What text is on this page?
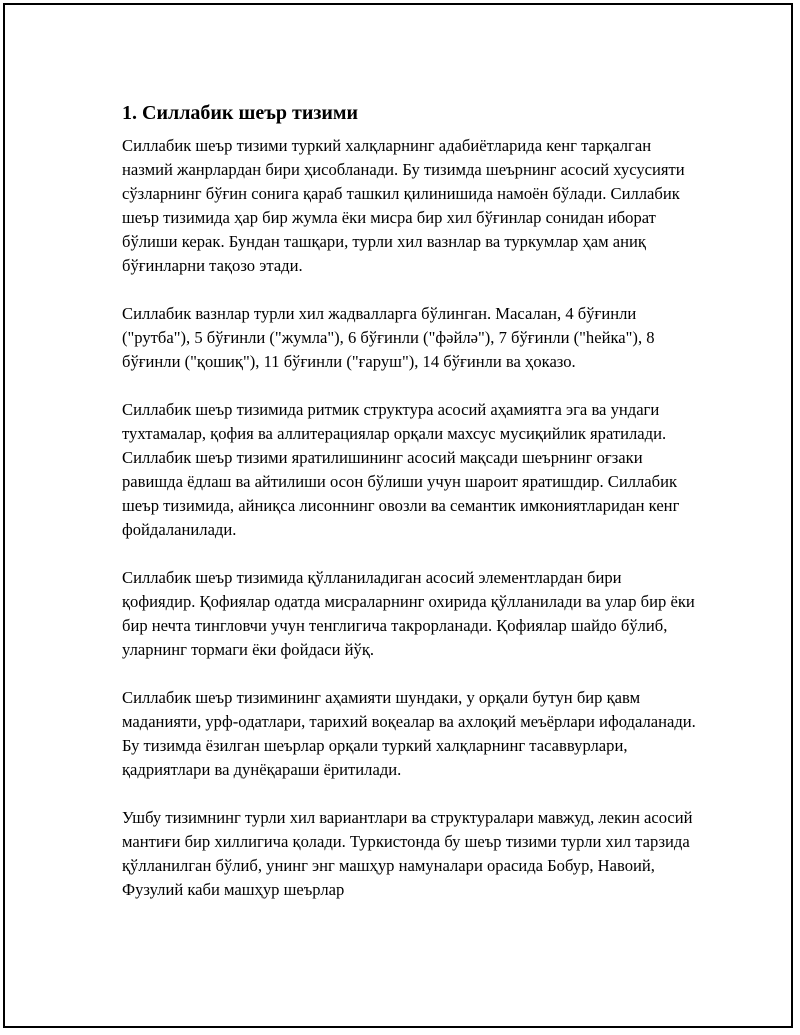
1. Силлабик шеър тизими

Силлабик шеър тизими туркий халқларнинг адабиётларида кенг тарқалган назмий жанрлардан бири ҳисобланади. Бу тизимда шеърнинг асосий хусусияти сўзларнинг бўғин сонига қараб ташкил қилинишида намоён бўлади. Силлабик шеър тизимида ҳар бир жумла ёки мисра бир хил бўғинлар сонидан иборат бўлиши керак. Бундан ташқари, турли хил вазнлар ва туркумлар ҳам аниқ бўғинларни тақозо этади.

Силлабик вазнлар турли хил жадвалларга бўлинган. Масалан, 4 бўғинли ("рутба"), 5 бўғинли ("жумла"), 6 бўғинли ("фәйлә"), 7 бўғинли ("һейка"), 8 бўғинли ("қошиқ"), 11 бўғинли ("ғаруш"), 14 бўғинли ва ҳоказо.

Силлабик шеър тизимида ритмик структура асосий аҳамиятга эга ва ундаги тухтамалар, қофия ва аллитерациялар орқали махсус мусиқийлик яратилади. Силлабик шеър тизими яратилишининг асосий мақсади шеърнинг оғзаки равишда ёдлаш ва айтилиши осон бўлиши учун шароит яратишдир. Силлабик шеър тизимида, айниқса лисоннинг овозли ва семантик имкониятларидан кенг фойдаланилади.

Силлабик шеър тизимида қўлланиладиган асосий элементлардан бири қофиядир. Қофиялар одатда мисраларнинг охирида қўлланилади ва улар бир ёки бир нечта тингловчи учун тенглигича такрорланади. Қофиялар шайдо бўлиб, уларнинг тормаги ёки фойдаси йўқ.

Силлабик шеър тизимининг аҳамияти шундаки, у орқали бутун бир қавм маданияти, урф-одатлари, тарихий воқеалар ва ахлоқий меъёрлари ифодаланади. Бу тизимда ёзилган шеърлар орқали туркий халқларнинг тасаввурлари, қадриятлари ва дунёқараши ёритилади.

Ушбу тизимнинг турли хил вариантлари ва структуралари мавжуд, лекин асосий мантиғи бир хиллигича қолади. Туркистонда бу шеър тизими турли хил тарзида қўлланилган бўлиб, унинг энг машҳур намуналари орасида Бобур, Навоий, Фузулий каби машҳур шеърлар
